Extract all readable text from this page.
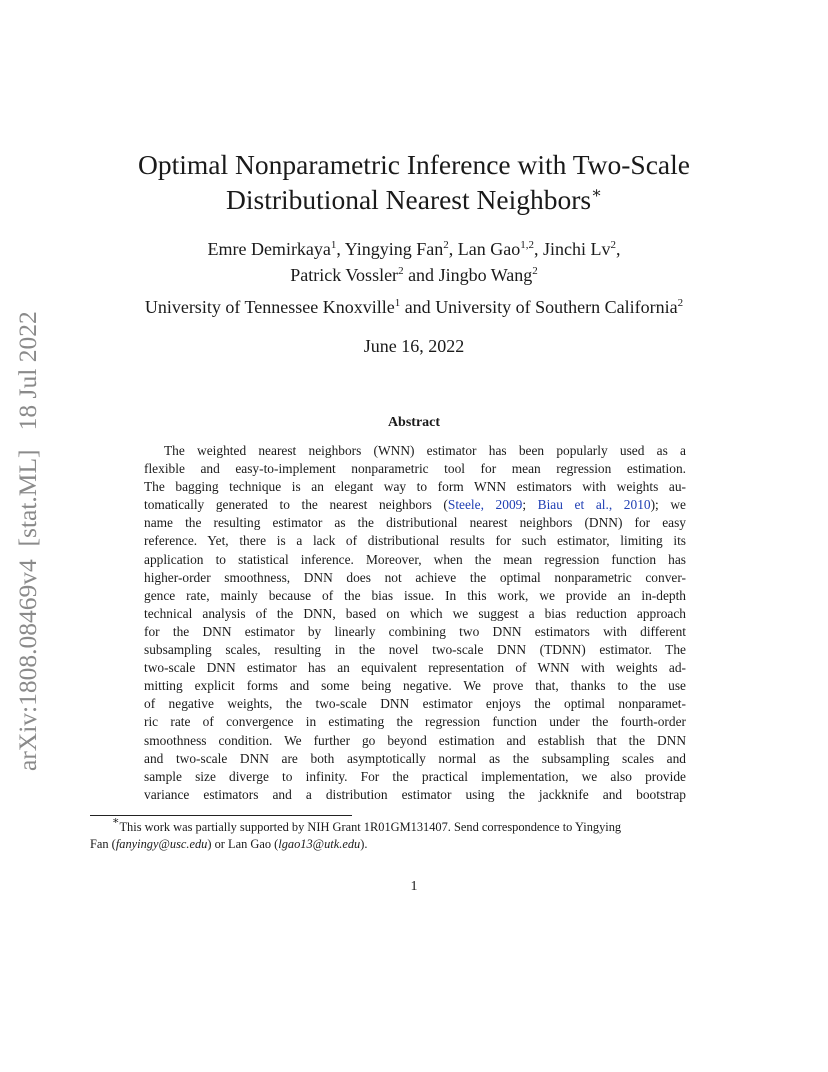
arXiv:1808.08469v4  [stat.ML]   18 Jul 2022
Optimal Nonparametric Inference with Two-Scale
Distributional Nearest Neighbors∗
Emre Demirkaya$^1$, Yingying Fan$^2$, Lan Gao$^{1,2}$, Jinchi Lv$^2$,
Patrick Vossler$^2$ and Jingbo Wang$^2$
University of Tennessee Knoxville$^1$ and University of Southern California$^2$
June 16, 2022
Abstract
The weighted nearest neighbors (WNN) estimator has been popularly used as a
flexible and easy-to-implement nonparametric tool for mean regression estimation.
The bagging technique is an elegant way to form WNN estimators with weights au-
tomatically generated to the nearest neighbors (Steele, 2009; Biau et al., 2010); we
name the resulting estimator as the distributional nearest neighbors (DNN) for easy
reference. Yet, there is a lack of distributional results for such estimator, limiting its
application to statistical inference. Moreover, when the mean regression function has
higher-order smoothness, DNN does not achieve the optimal nonparametric conver-
gence rate, mainly because of the bias issue. In this work, we provide an in-depth
technical analysis of the DNN, based on which we suggest a bias reduction approach
for the DNN estimator by linearly combining two DNN estimators with different
subsampling scales, resulting in the novel two-scale DNN (TDNN) estimator. The
two-scale DNN estimator has an equivalent representation of WNN with weights ad-
mitting explicit forms and some being negative. We prove that, thanks to the use
of negative weights, the two-scale DNN estimator enjoys the optimal nonparamet-
ric rate of convergence in estimating the regression function under the fourth-order
smoothness condition. We further go beyond estimation and establish that the DNN
and two-scale DNN are both asymptotically normal as the subsampling scales and
sample size diverge to infinity. For the practical implementation, we also provide
variance estimators and a distribution estimator using the jackknife and bootstrap
∗This work was partially supported by NIH Grant 1R01GM131407. Send correspondence to Yingying
Fan (fanyingy@usc.edu) or Lan Gao (lgao13@utk.edu).
1
